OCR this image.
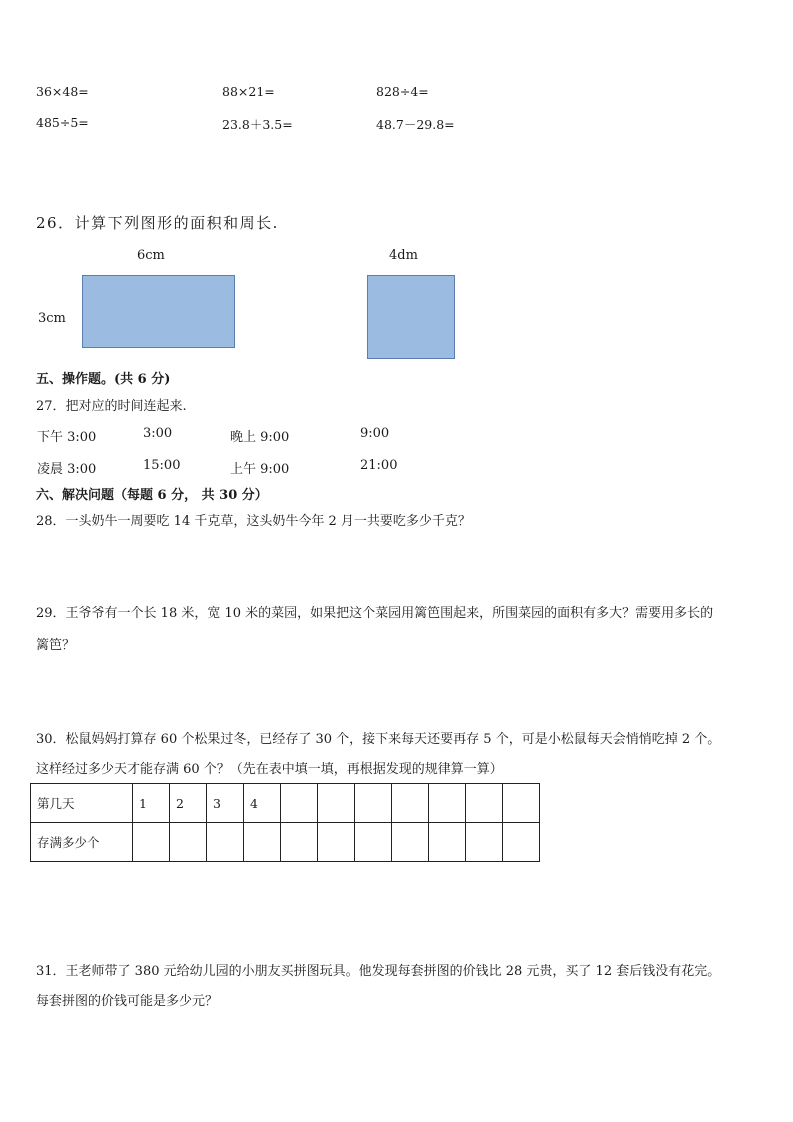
36×48=	88×21=	828÷4=
485÷5=	23.8＋3.5=	48.7－29.8=
26．计算下列图形的面积和周长.
6cm
3cm
4dm
五、操作题。(共 6 分)
27．把对应的时间连起来.
下午 3:00	3:00	晚上 9:00	9:00
凌晨 3:00	15:00	上午 9:00	21:00
六、解决问题（每题 6 分， 共 30 分）
28．一头奶牛一周要吃 14 千克草，这头奶牛今年 2 月一共要吃多少千克？
29．王爷爷有一个长 18 米，宽 10 米的菜园，如果把这个菜园用篱笆围起来，所围菜园的面积有多大？需要用多长的
篱笆？
30．松鼠妈妈打算存 60 个松果过冬，已经存了 30 个，接下来每天还要再存 5 个，可是小松鼠每天会悄悄吃掉 2 个。
这样经过多少天才能存满 60 个？（先在表中填一填，再根据发现的规律算一算）
第几天	1	2	3	4							
存满多少个											
31．王老师带了 380 元给幼儿园的小朋友买拼图玩具。他发现每套拼图的价钱比 28 元贵，买了 12 套后钱没有花完。
每套拼图的价钱可能是多少元？
